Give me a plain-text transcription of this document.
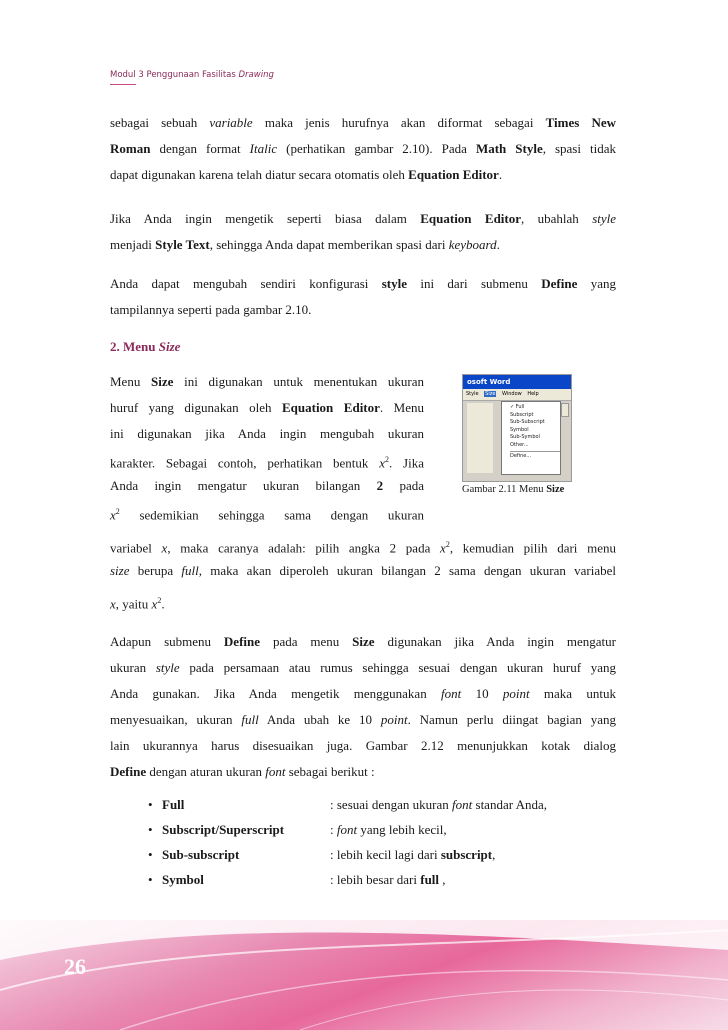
Modul 3 Penggunaan Fasilitas Drawing
sebagai sebuah variable maka jenis hurufnya akan diformat sebagai Times New
Roman dengan format Italic (perhatikan gambar 2.10). Pada Math Style, spasi tidak
dapat digunakan karena telah diatur secara otomatis oleh Equation Editor.
Jika Anda ingin mengetik seperti biasa dalam Equation Editor, ubahlah style
menjadi Style Text, sehingga Anda dapat memberikan spasi dari keyboard.
Anda dapat mengubah sendiri konfigurasi style ini dari submenu Define yang
tampilannya seperti pada gambar 2.10.
2. Menu Size
Menu Size ini digunakan untuk menentukan ukuran
huruf yang digunakan oleh Equation Editor. Menu
ini digunakan jika Anda ingin mengubah ukuran
karakter. Sebagai contoh, perhatikan bentuk $x^2$. Jika
Anda ingin mengatur ukuran bilangan 2 pada
$x^2$ sedemikian sehingga sama dengan ukuran
variabel x, maka caranya adalah: pilih angka 2 pada $x^2$, kemudian pilih dari menu
size berupa full, maka akan diperoleh ukuran bilangan 2 sama dengan ukuran variabel
x, yaitu $x^2$.
osoft Word
Style Size Window Help
✓ Full
Subscript
Sub-Subscript
Symbol
Sub-Symbol
Other...
Define...
Gambar 2.11 Menu Size
Adapun submenu Define pada menu Size digunakan jika Anda ingin mengatur
ukuran style pada persamaan atau rumus sehingga sesuai dengan ukuran huruf yang
Anda gunakan. Jika Anda mengetik menggunakan font 10 point maka untuk
menyesuaikan, ukuran full Anda ubah ke 10 point. Namun perlu diingat bagian yang
lain ukurannya harus disesuaikan juga. Gambar 2.12 menunjukkan kotak dialog
Define dengan aturan ukuran font sebagai berikut :
• Full	: sesuai dengan ukuran font standar Anda,
• Subscript/Superscript	: font yang lebih kecil,
• Sub-subscript	: lebih kecil lagi dari subscript,
• Symbol	: lebih besar dari full ,
26
